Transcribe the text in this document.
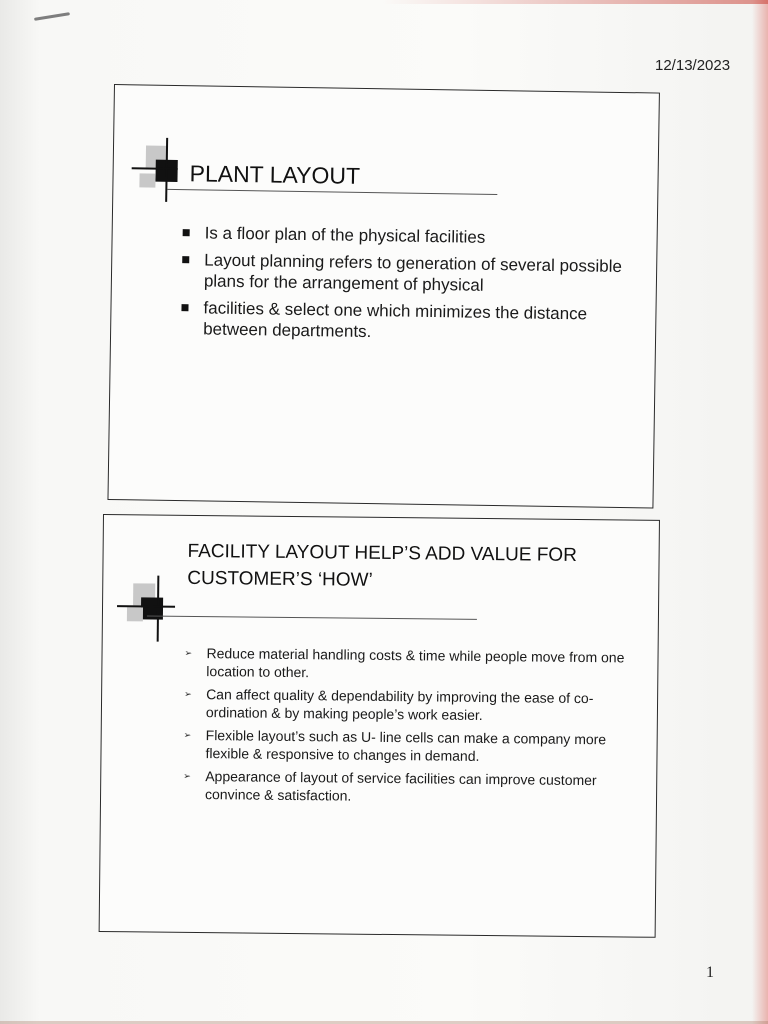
12/13/2023
PLANT LAYOUT
Is a floor plan of the physical facilities
Layout planning refers to generation of several possible plans for the arrangement of physical
facilities & select one which minimizes the distance between departments.
FACILITY LAYOUT HELP’S ADD VALUE FOR CUSTOMER’S ‘HOW’
➢ Reduce material handling costs & time while people move from one location to other.
➢ Can affect quality & dependability by improving the ease of co-ordination & by making people’s work easier.
➢ Flexible layout’s such as U- line cells can make a company more flexible & responsive to changes in demand.
➢ Appearance of layout of service facilities can improve customer convince & satisfaction.
1
